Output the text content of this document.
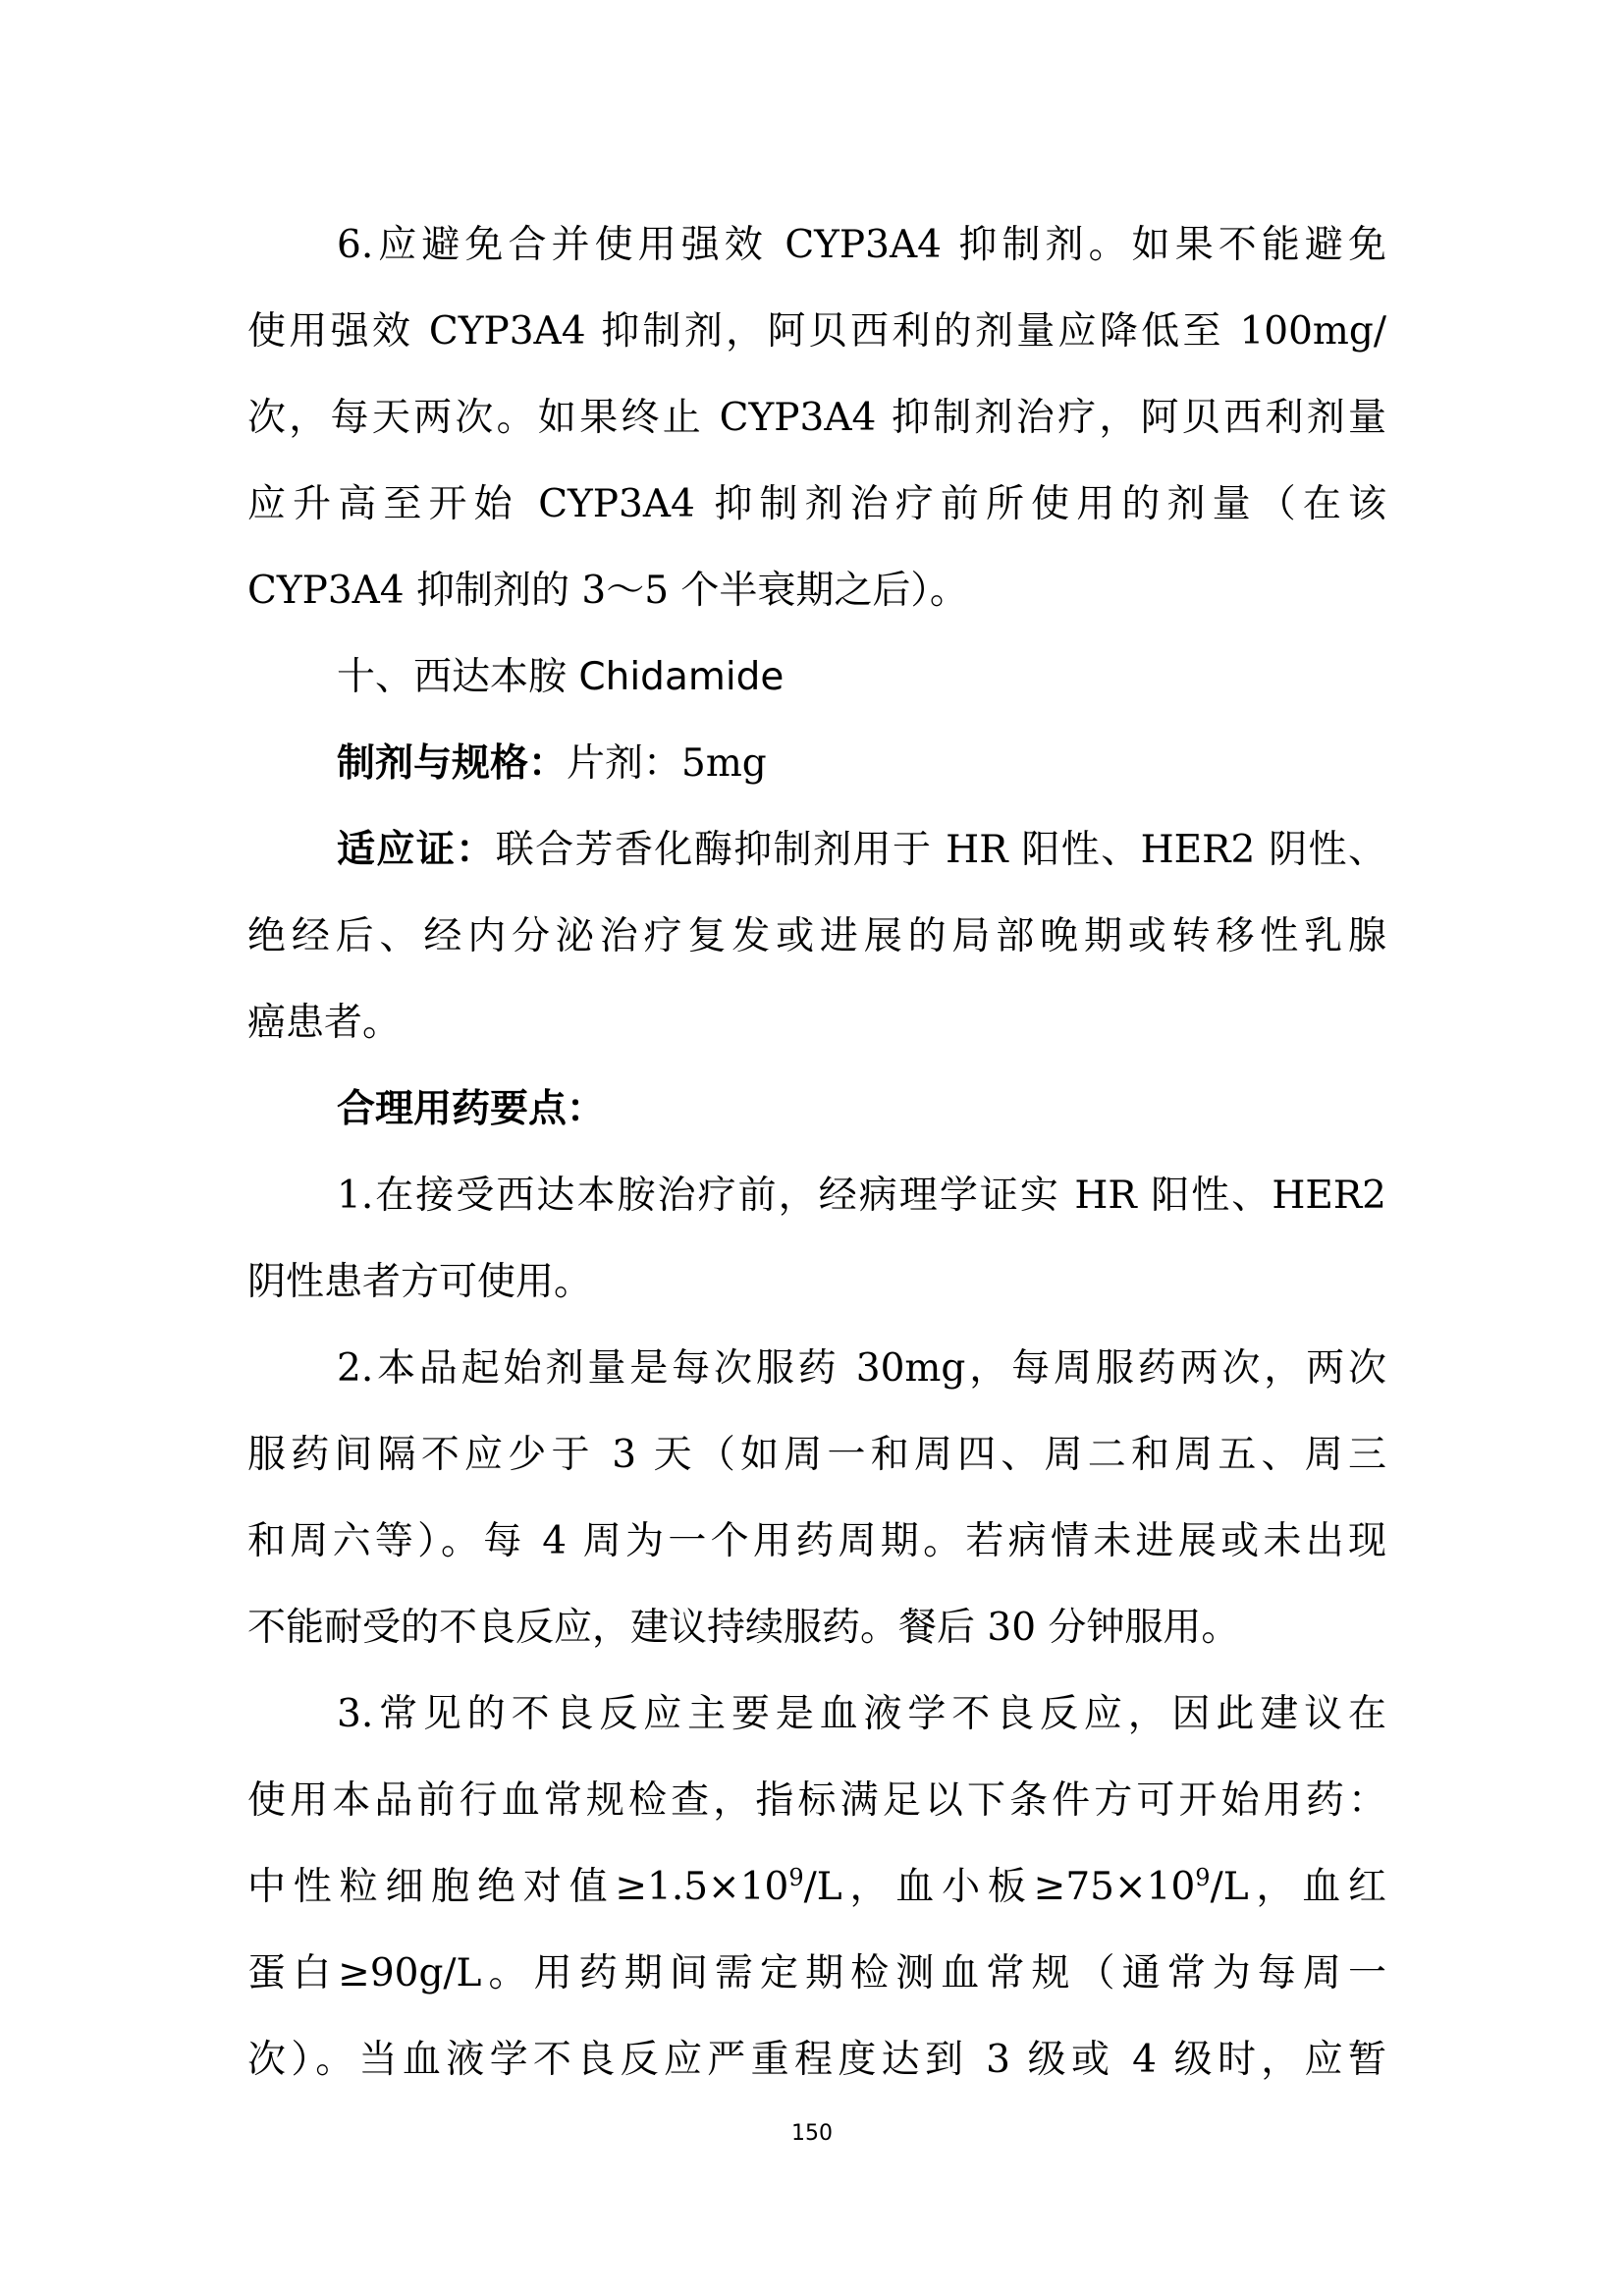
6.应避免合并使用强效 CYP3A4 抑制剂。如果不能避免
使用强效 CYP3A4 抑制剂，阿贝西利的剂量应降低至 100mg/
次，每天两次。如果终止 CYP3A4 抑制剂治疗，阿贝西利剂量
应升高至开始 CYP3A4 抑制剂治疗前所使用的剂量（在该
CYP3A4 抑制剂的 3～5 个半衰期之后）。
十、西达本胺 Chidamide
制剂与规格：片剂：5mg
适应证：联合芳香化酶抑制剂用于 HR 阳性、HER2 阴性、
绝经后、经内分泌治疗复发或进展的局部晚期或转移性乳腺
癌患者。
合理用药要点：
1.在接受西达本胺治疗前，经病理学证实 HR 阳性、HER2
阴性患者方可使用。
2.本品起始剂量是每次服药 30mg，每周服药两次，两次
服药间隔不应少于 3 天（如周一和周四、周二和周五、周三
和周六等）。每 4 周为一个用药周期。若病情未进展或未出现
不能耐受的不良反应，建议持续服药。餐后 30 分钟服用。
3.常见的不良反应主要是血液学不良反应，因此建议在
使用本品前行血常规检查，指标满足以下条件方可开始用药：
中性粒细胞绝对值$\ge 1.5\times 10^9/L$，血小板$\ge 75\times 10^9/L$，血红
蛋白≥90g/L。用药期间需定期检测血常规（通常为每周一
次）。当血液学不良反应严重程度达到 3 级或 4 级时，应暂
150
